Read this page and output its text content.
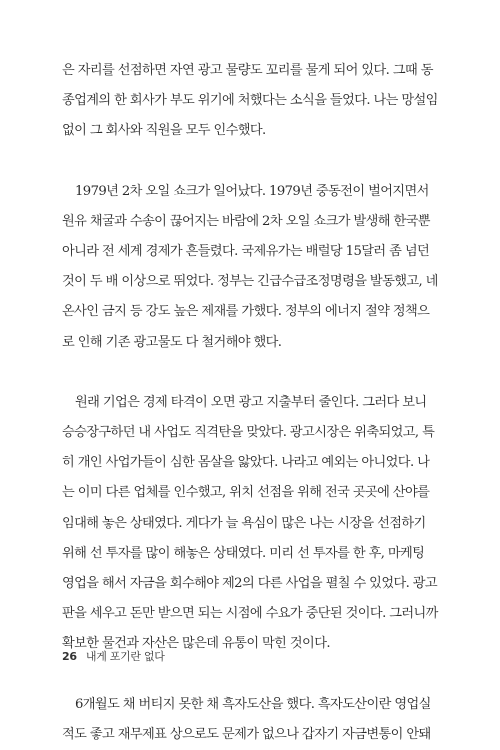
은 자리를 선점하면 자연 광고 물량도 꼬리를 물게 되어 있다. 그때 동
종업계의 한 회사가 부도 위기에 처했다는 소식을 들었다. 나는 망설임
없이 그 회사와 직원을 모두 인수했다.

1979년 2차 오일 쇼크가 일어났다. 1979년 중동전이 벌어지면서
원유 채굴과 수송이 끊어지는 바람에 2차 오일 쇼크가 발생해 한국뿐
아니라 전 세계 경제가 흔들렸다. 국제유가는 배럴당 15달러 좀 넘던
것이 두 배 이상으로 뛰었다. 정부는 긴급수급조정명령을 발동했고, 네
온사인 금지 등 강도 높은 제재를 가했다. 정부의 에너지 절약 정책으
로 인해 기존 광고물도 다 철거해야 했다.

원래 기업은 경제 타격이 오면 광고 지출부터 줄인다. 그러다 보니
승승장구하던 내 사업도 직격탄을 맞았다. 광고시장은 위축되었고, 특
히 개인 사업가들이 심한 몸살을 앓았다. 나라고 예외는 아니었다. 나
는 이미 다른 업체를 인수했고, 위치 선점을 위해 전국 곳곳에 산야를
임대해 놓은 상태였다. 게다가 늘 욕심이 많은 나는 시장을 선점하기
위해 선 투자를 많이 해놓은 상태였다. 미리 선 투자를 한 후, 마케팅
영업을 해서 자금을 회수해야 제2의 다른 사업을 펼칠 수 있었다. 광고
판을 세우고 돈만 받으면 되는 시점에 수요가 중단된 것이다. 그러니까
확보한 물건과 자산은 많은데 유통이 막힌 것이다.

6개월도 채 버티지 못한 채 흑자도산을 했다. 흑자도산이란 영업실
적도 좋고 재무제표 상으로도 문제가 없으나 갑자기 자금변통이 안돼

26 내게 포기란 없다
